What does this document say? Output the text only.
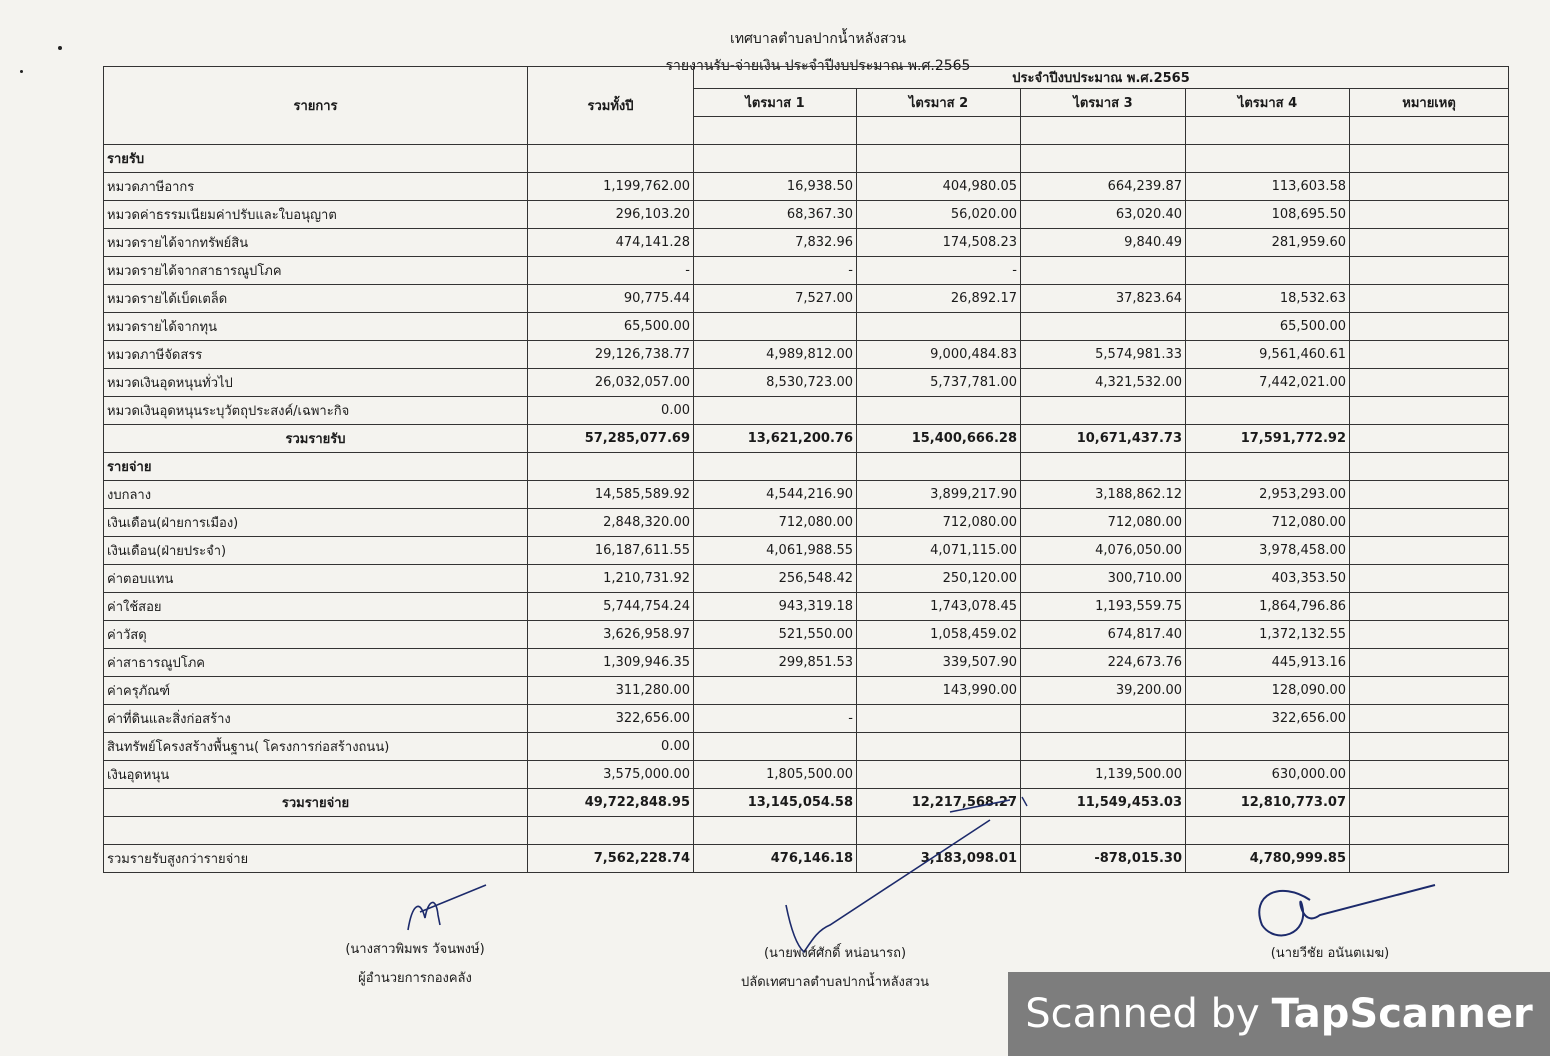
เทศบาลตำบลปากน้ำหลังสวน
รายงานรับ-จ่ายเงิน ประจำปีงบประมาณ พ.ศ.2565
รายการ	รวมทั้งปี	ประจำปีงบประมาณ พ.ศ.2565				
		ไตรมาส 1	ไตรมาส 2	ไตรมาส 3	ไตรมาส 4	หมายเหตุ

รายรับ						
หมวดภาษีอากร	1,199,762.00	16,938.50	404,980.05	664,239.87	113,603.58	
หมวดค่าธรรมเนียมค่าปรับและใบอนุญาต	296,103.20	68,367.30	56,020.00	63,020.40	108,695.50	
หมวดรายได้จากทรัพย์สิน	474,141.28	7,832.96	174,508.23	9,840.49	281,959.60	
หมวดรายได้จากสาธารณูปโภค	-	-	-			
หมวดรายได้เบ็ดเตล็ด	90,775.44	7,527.00	26,892.17	37,823.64	18,532.63	
หมวดรายได้จากทุน	65,500.00				65,500.00	
หมวดภาษีจัดสรร	29,126,738.77	4,989,812.00	9,000,484.83	5,574,981.33	9,561,460.61	
หมวดเงินอุดหนุนทั่วไป	26,032,057.00	8,530,723.00	5,737,781.00	4,321,532.00	7,442,021.00	
หมวดเงินอุดหนุนระบุวัตถุประสงค์/เฉพาะกิจ	0.00					
รวมรายรับ	57,285,077.69	13,621,200.76	15,400,666.28	10,671,437.73	17,591,772.92	
รายจ่าย						
งบกลาง	14,585,589.92	4,544,216.90	3,899,217.90	3,188,862.12	2,953,293.00	
เงินเดือน(ฝ่ายการเมือง)	2,848,320.00	712,080.00	712,080.00	712,080.00	712,080.00	
เงินเดือน(ฝ่ายประจำ)	16,187,611.55	4,061,988.55	4,071,115.00	4,076,050.00	3,978,458.00	
ค่าตอบแทน	1,210,731.92	256,548.42	250,120.00	300,710.00	403,353.50	
ค่าใช้สอย	5,744,754.24	943,319.18	1,743,078.45	1,193,559.75	1,864,796.86	
ค่าวัสดุ	3,626,958.97	521,550.00	1,058,459.02	674,817.40	1,372,132.55	
ค่าสาธารณูปโภค	1,309,946.35	299,851.53	339,507.90	224,673.76	445,913.16	
ค่าครุภัณฑ์	311,280.00		143,990.00	39,200.00	128,090.00	
ค่าที่ดินและสิ่งก่อสร้าง	322,656.00	-			322,656.00	
สินทรัพย์โครงสร้างพื้นฐาน( โครงการก่อสร้างถนน)	0.00					
เงินอุดหนุน	3,575,000.00	1,805,500.00		1,139,500.00	630,000.00	
รวมรายจ่าย	49,722,848.95	13,145,054.58	12,217,568.27	11,549,453.03	12,810,773.07	

รวมรายรับสูงกว่ารายจ่าย	7,562,228.74	476,146.18	3,183,098.01	-878,015.30	4,780,999.85	
(นางสาวพิมพร วัจนพงษ์)
ผู้อำนวยการกองคลัง
(นายพงศ์ศักดิ์ หน่อนารถ)
ปลัดเทศบาลตำบลปากน้ำหลังสวน
(นายวีชัย อนันตเมฆ)
Scanned by TapScanner
